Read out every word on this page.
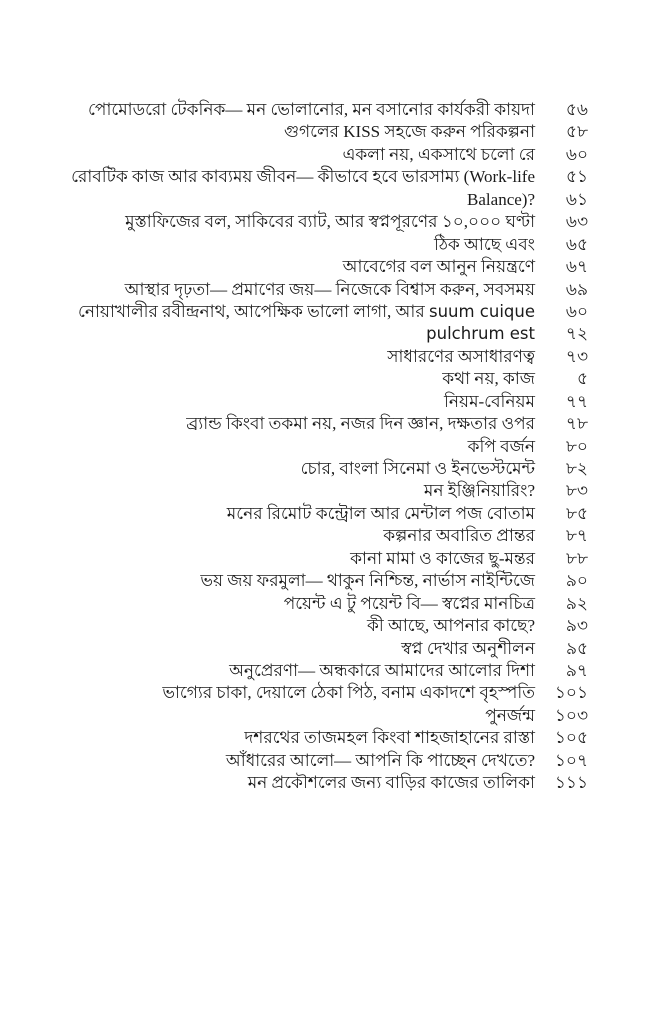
পোমোডরো টেকনিক— মন ভোলানোর, মন বসানোর কার্যকরী কায়দা	৫৬
গুগলের KISS সহজে করুন পরিকল্পনা	৫৮
একলা নয়, একসাথে চলো রে	৬০
রোবটিক কাজ আর কাব্যময় জীবন— কীভাবে হবে ভারসাম্য (Work-life	৫১
Balance)?	৬১
মুস্তাফিজের বল, সাকিবের ব্যাট, আর স্বপ্নপূরণের ১০,০০০ ঘণ্টা	৬৩
ঠিক আছে এবং	৬৫
আবেগের বল আনুন নিয়ন্ত্রণে	৬৭
আস্থার দৃঢ়তা— প্রমাণের জয়— নিজেকে বিশ্বাস করুন, সবসময়	৬৯
নোয়াখালীর রবীন্দ্রনাথ, আপেক্ষিক ভালো লাগা, আর suum cuique	৬০
pulchrum est	৭২
সাধারণের অসাধারণত্ব	৭৩
কথা নয়, কাজ	৫
নিয়ম-বেনিয়ম	৭৭
ব্র্যান্ড কিংবা তকমা নয়, নজর দিন জ্ঞান, দক্ষতার ওপর	৭৮
কপি বর্জন	৮০
চোর, বাংলা সিনেমা ও ইনভেস্টমেন্ট	৮২
মন ইঞ্জিনিয়ারিং?	৮৩
মনের রিমোট কন্ট্রোল আর মেন্টাল পজ বোতাম	৮৫
কল্পনার অবারিত প্রান্তর	৮৭
কানা মামা ও কাজের ছু-মন্তর	৮৮
ভয় জয় ফরমুলা— থাকুন নিশ্চিন্ত, নার্ভাস নাইন্টিজে	৯০
পয়েন্ট এ টু পয়েন্ট বি— স্বপ্নের মানচিত্র	৯২
কী আছে, আপনার কাছে?	৯৩
স্বপ্ন দেখার অনুশীলন	৯৫
অনুপ্রেরণা— অন্ধকারে আমাদের আলোর দিশা	৯৭
ভাগ্যের চাকা, দেয়ালে ঠেকা পিঠ, বনাম একাদশে বৃহস্পতি ১০১
পুনর্জন্ম ১০৩
দশরথের তাজমহল কিংবা শাহজাহানের রাস্তা ১০৫
আঁধারের আলো— আপনি কি পাচ্ছেন দেখতে? ১০৭
মন প্রকৌশলের জন্য বাড়ির কাজের তালিকা ১১১
